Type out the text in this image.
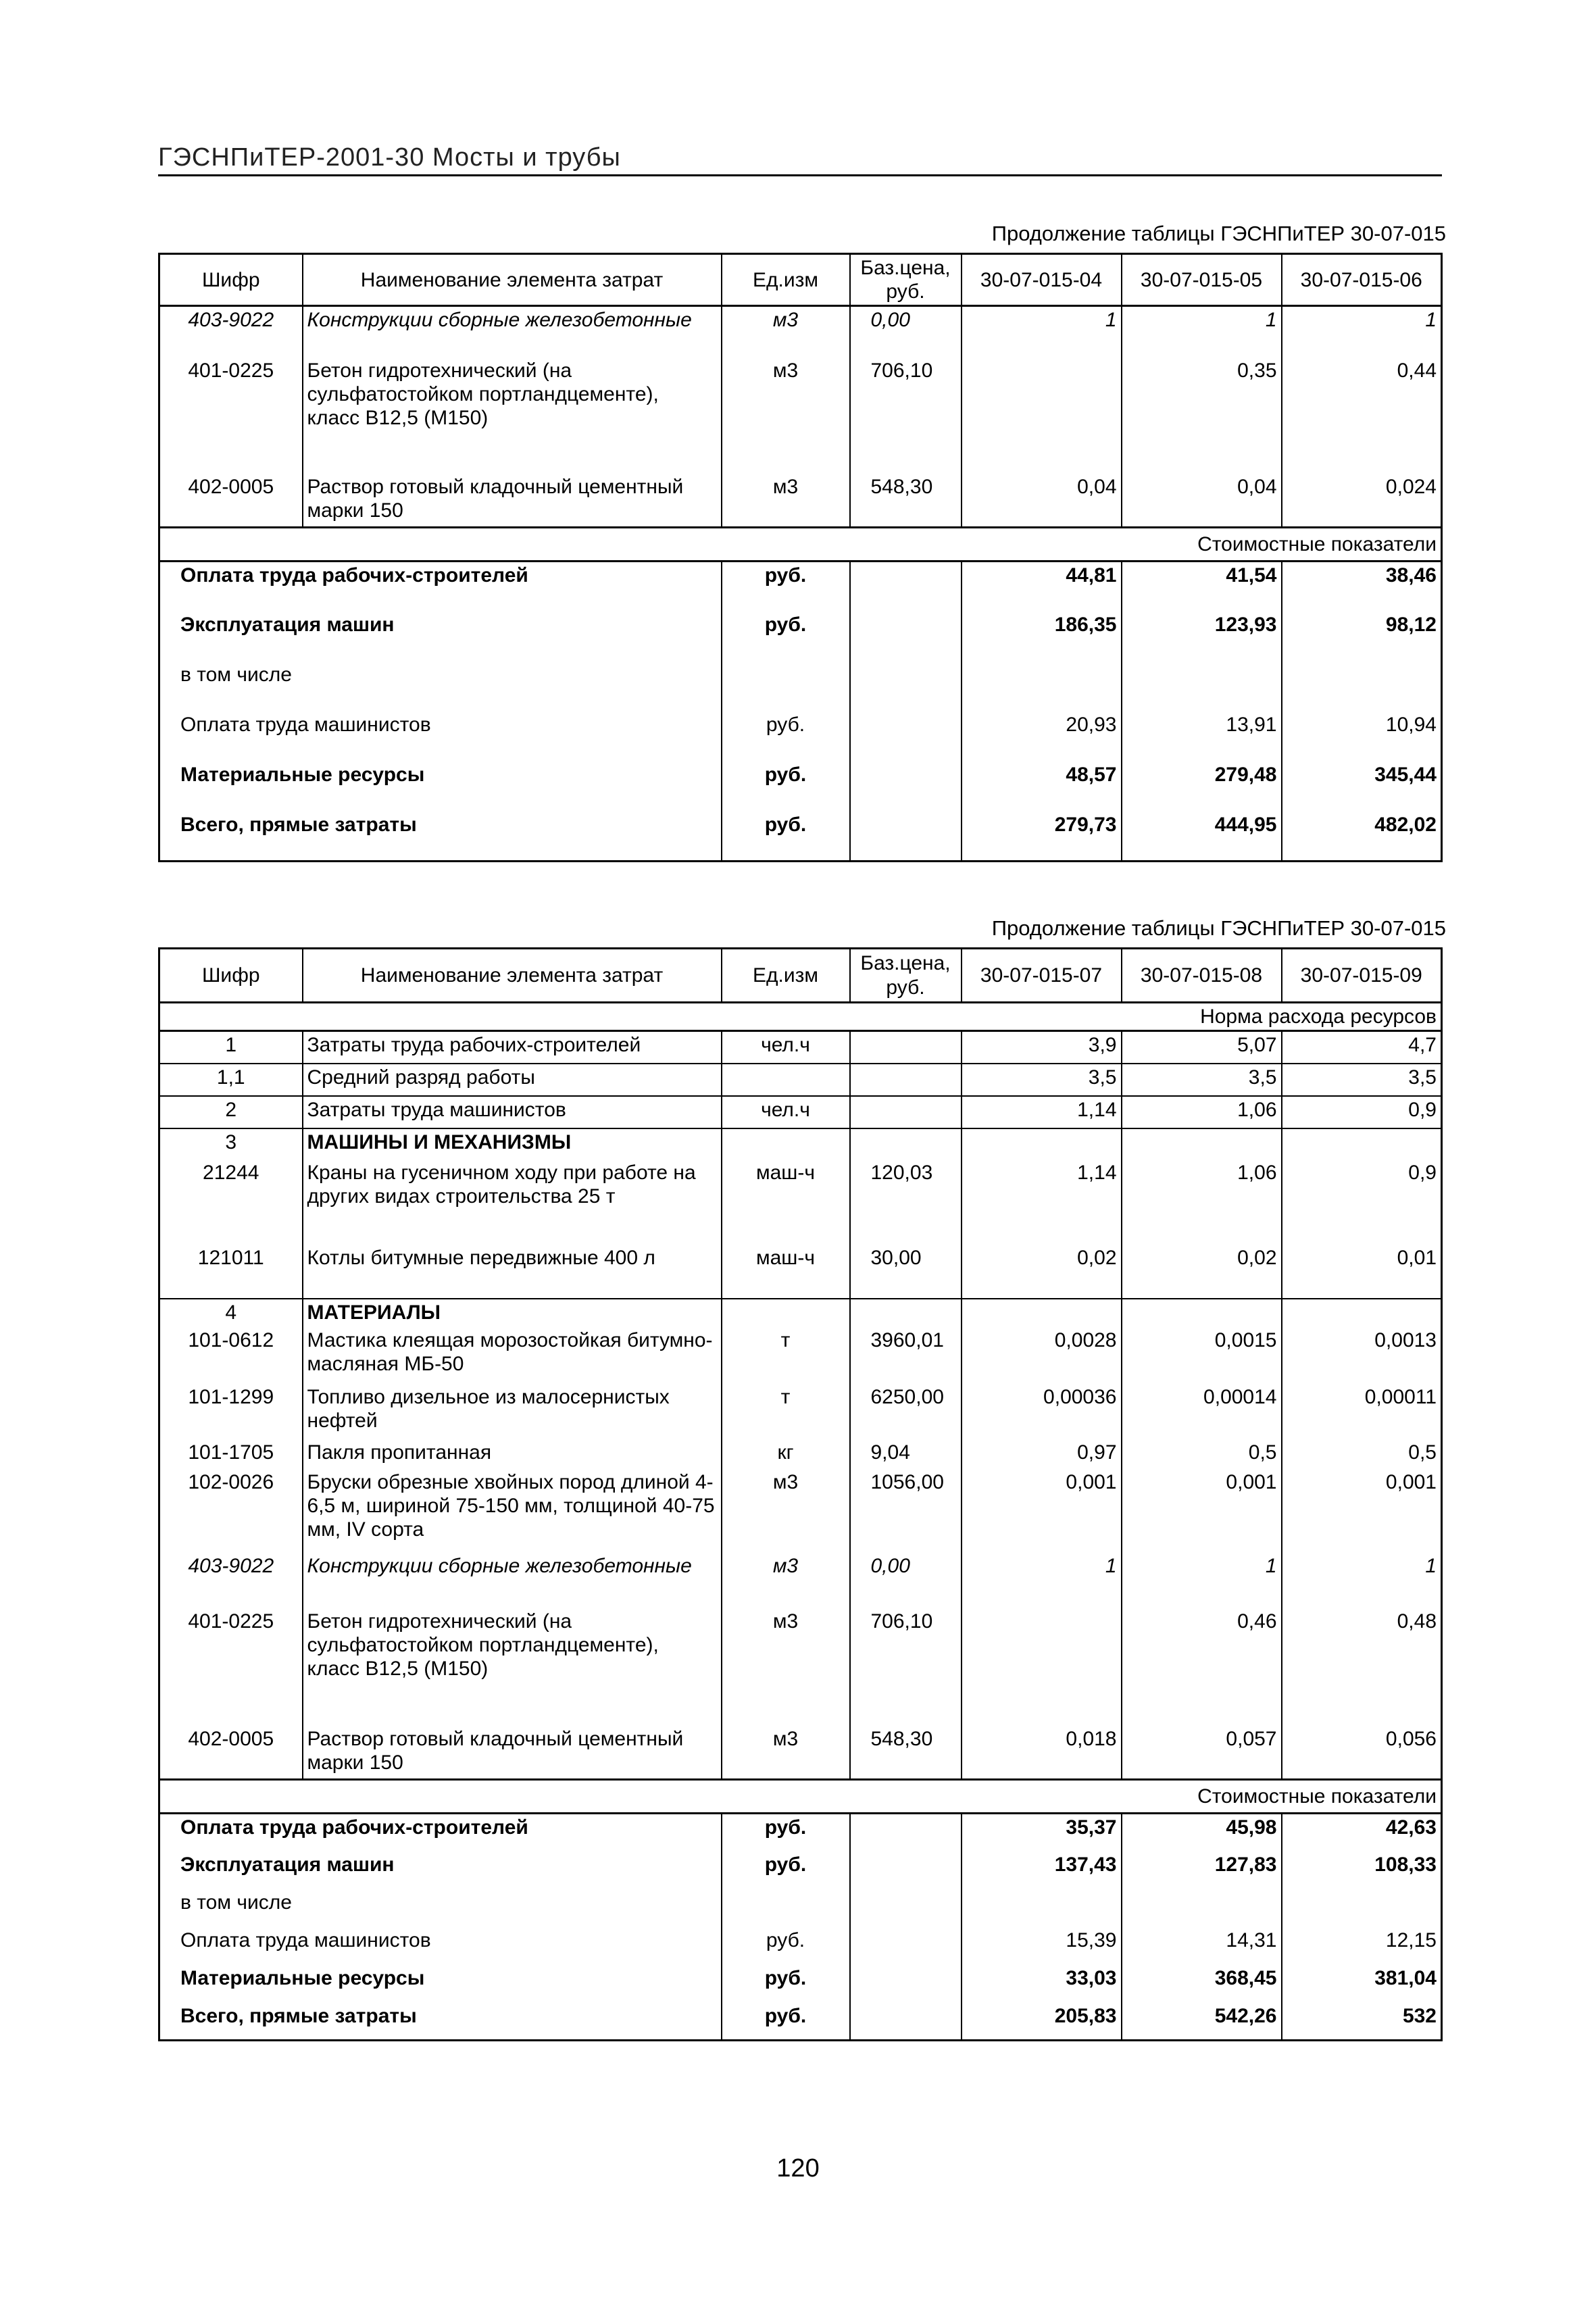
ГЭСНПиТЕР-2001-30 Мосты и трубы
Продолжение таблицы ГЭСНПиТЕР 30-07-015
Шифр	Наименование элемента затрат	Ед.изм	Баз.цена, руб.	30-07-015-04	30-07-015-05	30-07-015-06
403-9022	Конструкции сборные железобетонные	м3	0,00	1	1	1
401-0225	Бетон гидротехнический (на сульфатостойком портландцементе), класс В12,5 (М150)	м3	706,10		0,35	0,44
402-0005	Раствор готовый кладочный цементный марки 150	м3	548,30	0,04	0,04	0,024
Стоимостные показатели						
Оплата труда рабочих-строителей		руб.		44,81	41,54	38,46
Эксплуатация машин		руб.		186,35	123,93	98,12
в том числе						
Оплата труда машинистов		руб.		20,93	13,91	10,94
Материальные ресурсы		руб.		48,57	279,48	345,44
Всего, прямые затраты		руб.		279,73	444,95	482,02
Продолжение таблицы ГЭСНПиТЕР 30-07-015
Шифр	Наименование элемента затрат	Ед.изм	Баз.цена, руб.	30-07-015-07	30-07-015-08	30-07-015-09
Норма расхода ресурсов						
1	Затраты труда рабочих-строителей	чел.ч		3,9	5,07	4,7
1,1	Средний разряд работы			3,5	3,5	3,5
2	Затраты труда машинистов	чел.ч		1,14	1,06	0,9
3	МАШИНЫ И МЕХАНИЗМЫ					
21244	Краны на гусеничном ходу при работе на других видах строительства 25 т	маш-ч	120,03	1,14	1,06	0,9
121011	Котлы битумные передвижные 400 л	маш-ч	30,00	0,02	0,02	0,01
4	МАТЕРИАЛЫ					
101-0612	Мастика клеящая морозостойкая битумно-масляная МБ-50	т	3960,01	0,0028	0,0015	0,0013
101-1299	Топливо дизельное из малосернистых нефтей	т	6250,00	0,00036	0,00014	0,00011
101-1705	Пакля пропитанная	кг	9,04	0,97	0,5	0,5
102-0026	Бруски обрезные хвойных пород длиной 4-6,5 м, шириной 75-150 мм, толщиной 40-75 мм, IV сорта	м3	1056,00	0,001	0,001	0,001
403-9022	Конструкции сборные железобетонные	м3	0,00	1	1	1
401-0225	Бетон гидротехнический (на сульфатостойком портландцементе), класс В12,5 (М150)	м3	706,10		0,46	0,48
402-0005	Раствор готовый кладочный цементный марки 150	м3	548,30	0,018	0,057	0,056
Стоимостные показатели						
Оплата труда рабочих-строителей		руб.		35,37	45,98	42,63
Эксплуатация машин		руб.		137,43	127,83	108,33
в том числе						
Оплата труда машинистов		руб.		15,39	14,31	12,15
Материальные ресурсы		руб.		33,03	368,45	381,04
Всего, прямые затраты		руб.		205,83	542,26	532
120
